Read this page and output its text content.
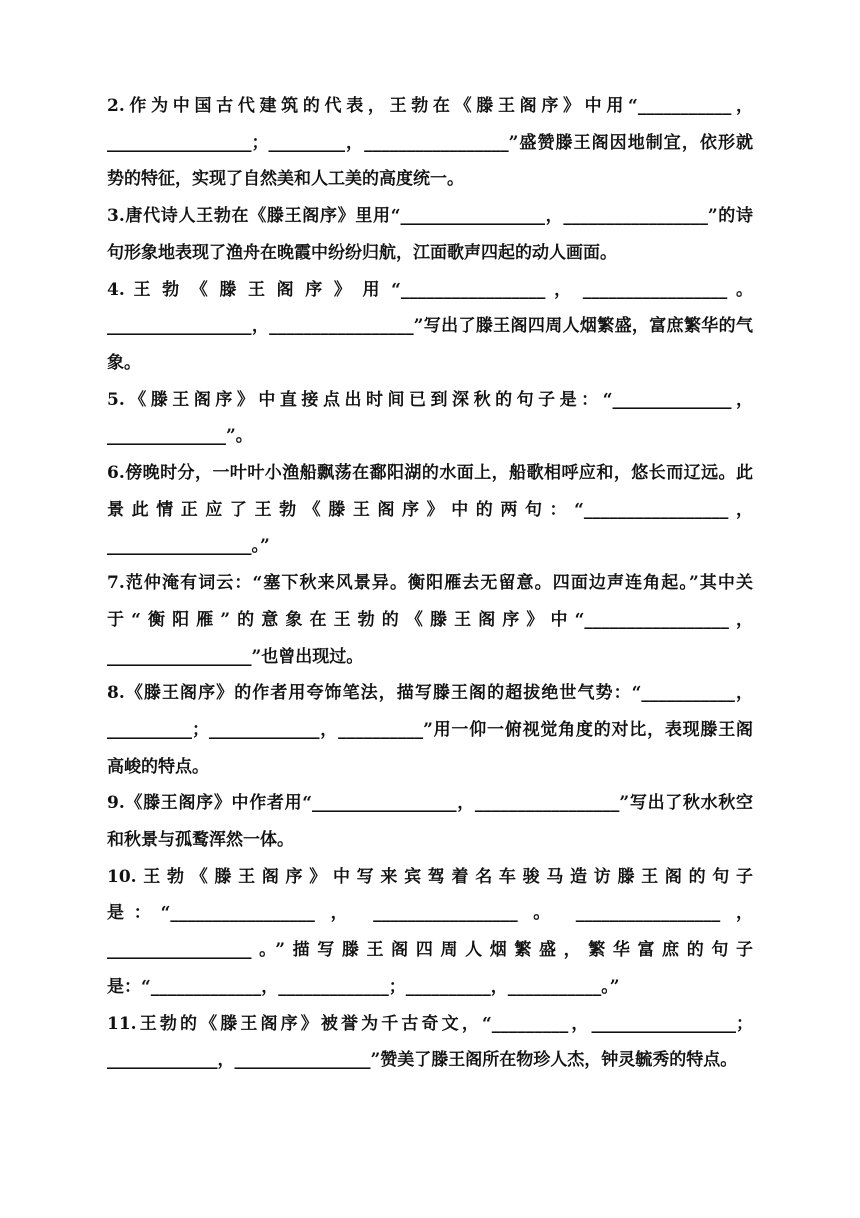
2.作为中国古代建筑的代表，王勃在《滕王阁序》中用“___________，_________________；_________，_________________”盛赞滕王阁因地制宜，依形就势的特征，实现了自然美和人工美的高度统一。

3.唐代诗人王勃在《滕王阁序》里用“_________________，_________________”的诗句形象地表现了渔舟在晚霞中纷纷归航，江面歌声四起的动人画面。

4. 王 勃 《 滕 王 阁 序 》 用 “_________________ ， _________________ 。_________________，_________________”写出了滕王阁四周人烟繁盛，富庶繁华的气象。

5.《滕王阁序》中直接点出时间已到深秋的句子是：“______________，______________”。

6.傍晚时分，一叶叶小渔船飘荡在鄱阳湖的水面上，船歌相呼应和，悠长而辽远。此景此情正应了王勃《滕王阁序》中的两句：“_________________，_________________。”

7.范仲淹有词云：“塞下秋来风景异。衡阳雁去无留意。四面边声连角起。”其中关于“衡阳雁”的意象在王勃的《滕王阁序》中“_________________，_________________”也曾出现过。

8.《滕王阁序》的作者用夸饰笔法，描写滕王阁的超拔绝世气势：“___________，__________；_____________，__________”用一仰一俯视觉角度的对比，表现滕王阁高峻的特点。

9.《滕王阁序》中作者用“_________________，_________________”写出了秋水秋空和秋景与孤鹜浑然一体。

10.王勃《滕王阁序》中写来宾驾着名车骏马造访滕王阁的句子是：“_________________ ， _________________ 。 _________________ ，_________________。”描写滕王阁四周人烟繁盛，繁华富庶的句子是：“_____________，_____________；__________，___________。”

11.王勃的《滕王阁序》被誉为千古奇文，“_________，_________________；_____________，________________”赞美了滕王阁所在物珍人杰，钟灵毓秀的特点。
